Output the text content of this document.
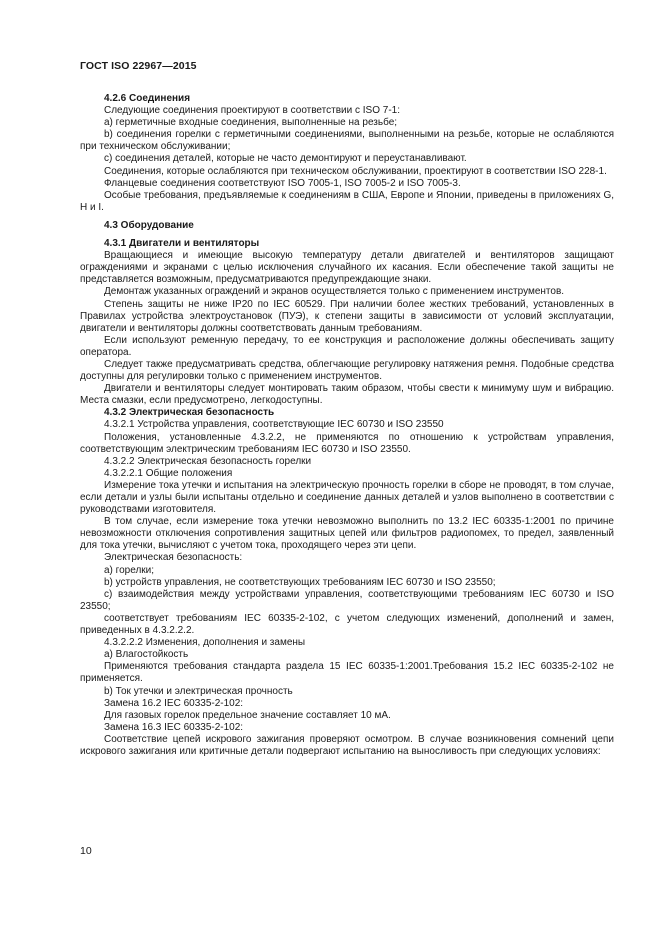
ГОСТ ISO 22967—2015
4.2.6 Соединения

Следующие соединения проектируют в соответствии с ISO 7-1:

a) герметичные входные соединения, выполненные на резьбе;

b) соединения горелки с герметичными соединениями, выполненными на резьбе, которые не ослабляются при техническом обслуживании;

c) соединения деталей, которые не часто демонтируют и переустанавливают.

Соединения, которые ослабляются при техническом обслуживании, проектируют в соответствии ISO 228-1.

Фланцевые соединения соответствуют ISO 7005-1, ISO 7005-2 и ISO 7005-3.

Особые требования, предъявляемые к соединениям в США, Европе и Японии, приведены в приложениях G, H и I.

4.3 Оборудование
4.3.1 Двигатели и вентиляторы

Вращающиеся и имеющие высокую температуру детали двигателей и вентиляторов защищают ограждениями и экранами с целью исключения случайного их касания. Если обеспечение такой защиты не представляется возможным, предусматриваются предупреждающие знаки.

Демонтаж указанных ограждений и экранов осуществляется только с применением инструментов.

Степень защиты не ниже IP20 по IEC 60529. При наличии более жестких требований, установленных в Правилах устройства электроустановок (ПУЭ), к степени защиты в зависимости от условий эксплуатации, двигатели и вентиляторы должны соответствовать данным требованиям.

Если используют ременную передачу, то ее конструкция и расположение должны обеспечивать защиту оператора.

Следует также предусматривать средства, облегчающие регулировку натяжения ремня. Подобные средства доступны для регулировки только с применением инструментов.

Двигатели и вентиляторы следует монтировать таким образом, чтобы свести к минимуму шум и вибрацию. Места смазки, если предусмотрено, легкодоступны.

4.3.2 Электрическая безопасность

4.3.2.1 Устройства управления, соответствующие IEC 60730 и ISO 23550

Положения, установленные 4.3.2.2, не применяются по отношению к устройствам управления, соответствующим электрическим требованиям IEC 60730 и ISO 23550.

4.3.2.2 Электрическая безопасность горелки

4.3.2.2.1 Общие положения

Измерение тока утечки и испытания на электрическую прочность горелки в сборе не проводят, в том случае, если детали и узлы были испытаны отдельно и соединение данных деталей и узлов выполнено в соответствии с руководствами изготовителя.

В том случае, если измерение тока утечки невозможно выполнить по 13.2 IEC 60335-1:2001 по причине невозможности отключения сопротивления защитных цепей или фильтров радиопомех, то предел, заявленный для тока утечки, вычисляют с учетом тока, проходящего через эти цепи.

Электрическая безопасность:

a) горелки;

b) устройств управления, не соответствующих требованиям IEC 60730 и ISO 23550;

c) взаимодействия между устройствами управления, соответствующими требованиям IEC 60730 и ISO 23550;

соответствует требованиям IEC 60335-2-102, с учетом следующих изменений, дополнений и замен, приведенных в 4.3.2.2.2.

4.3.2.2.2 Изменения, дополнения и замены

a) Влагостойкость

Применяются требования стандарта раздела 15 IEC 60335-1:2001.Требования 15.2 IEC 60335-2-102 не применяется.

b) Ток утечки и электрическая прочность

Замена 16.2 IEC 60335-2-102:

Для газовых горелок предельное значение составляет 10 мА.

Замена 16.3 IEC 60335-2-102:

Соответствие цепей искрового зажигания проверяют осмотром. В случае возникновения сомнений цепи искрового зажигания или критичные детали подвергают испытанию на выносливость при следующих условиях:

10
